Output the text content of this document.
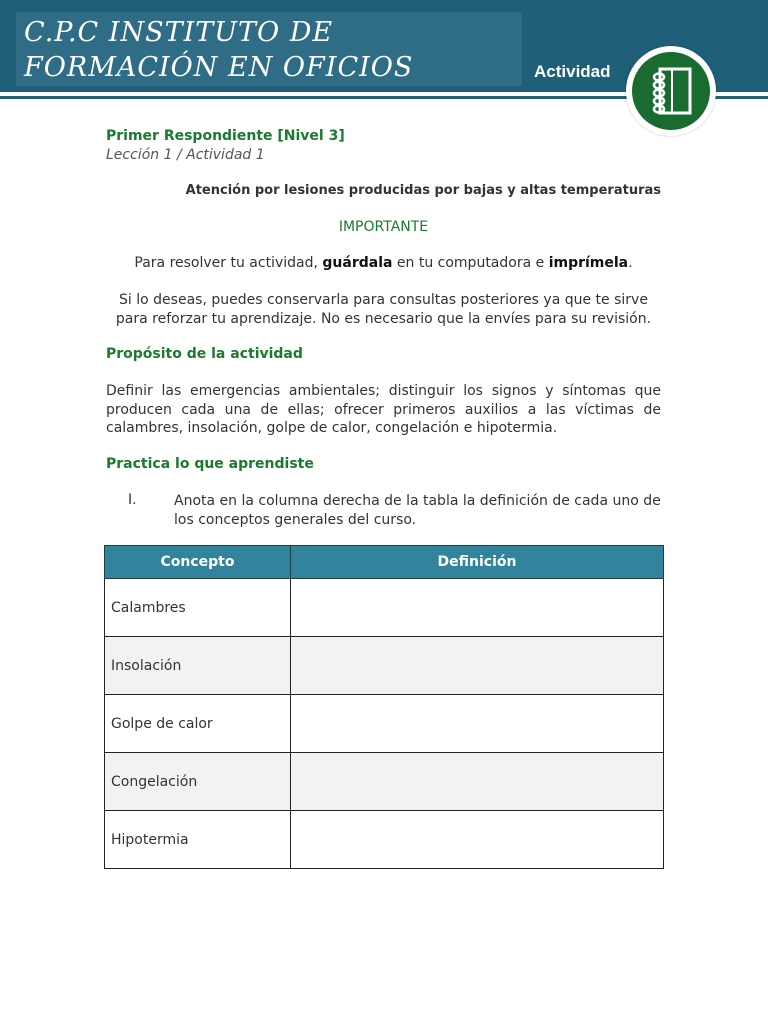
C.P.C INSTITUTO DE
FORMACIÓN EN OFICIOS	Actividad
Primer Respondiente [Nivel 3]
Lección 1 / Actividad 1
Atención por lesiones producidas por bajas y altas temperaturas
IMPORTANTE
Para resolver tu actividad, guárdala en tu computadora e imprímela.
Si lo deseas, puedes conservarla para consultas posteriores ya que te sirve para reforzar tu aprendizaje. No es necesario que la envíes para su revisión.
Propósito de la actividad
Definir las emergencias ambientales; distinguir los signos y síntomas que producen cada una de ellas; ofrecer primeros auxilios a las víctimas de calambres, insolación, golpe de calor, congelación e hipotermia.
Practica lo que aprendiste
I.	Anota en la columna derecha de la tabla la definición de cada uno de los conceptos generales del curso.
Concepto	Definición
Calambres	
Insolación	
Golpe de calor	
Congelación	
Hipotermia	
